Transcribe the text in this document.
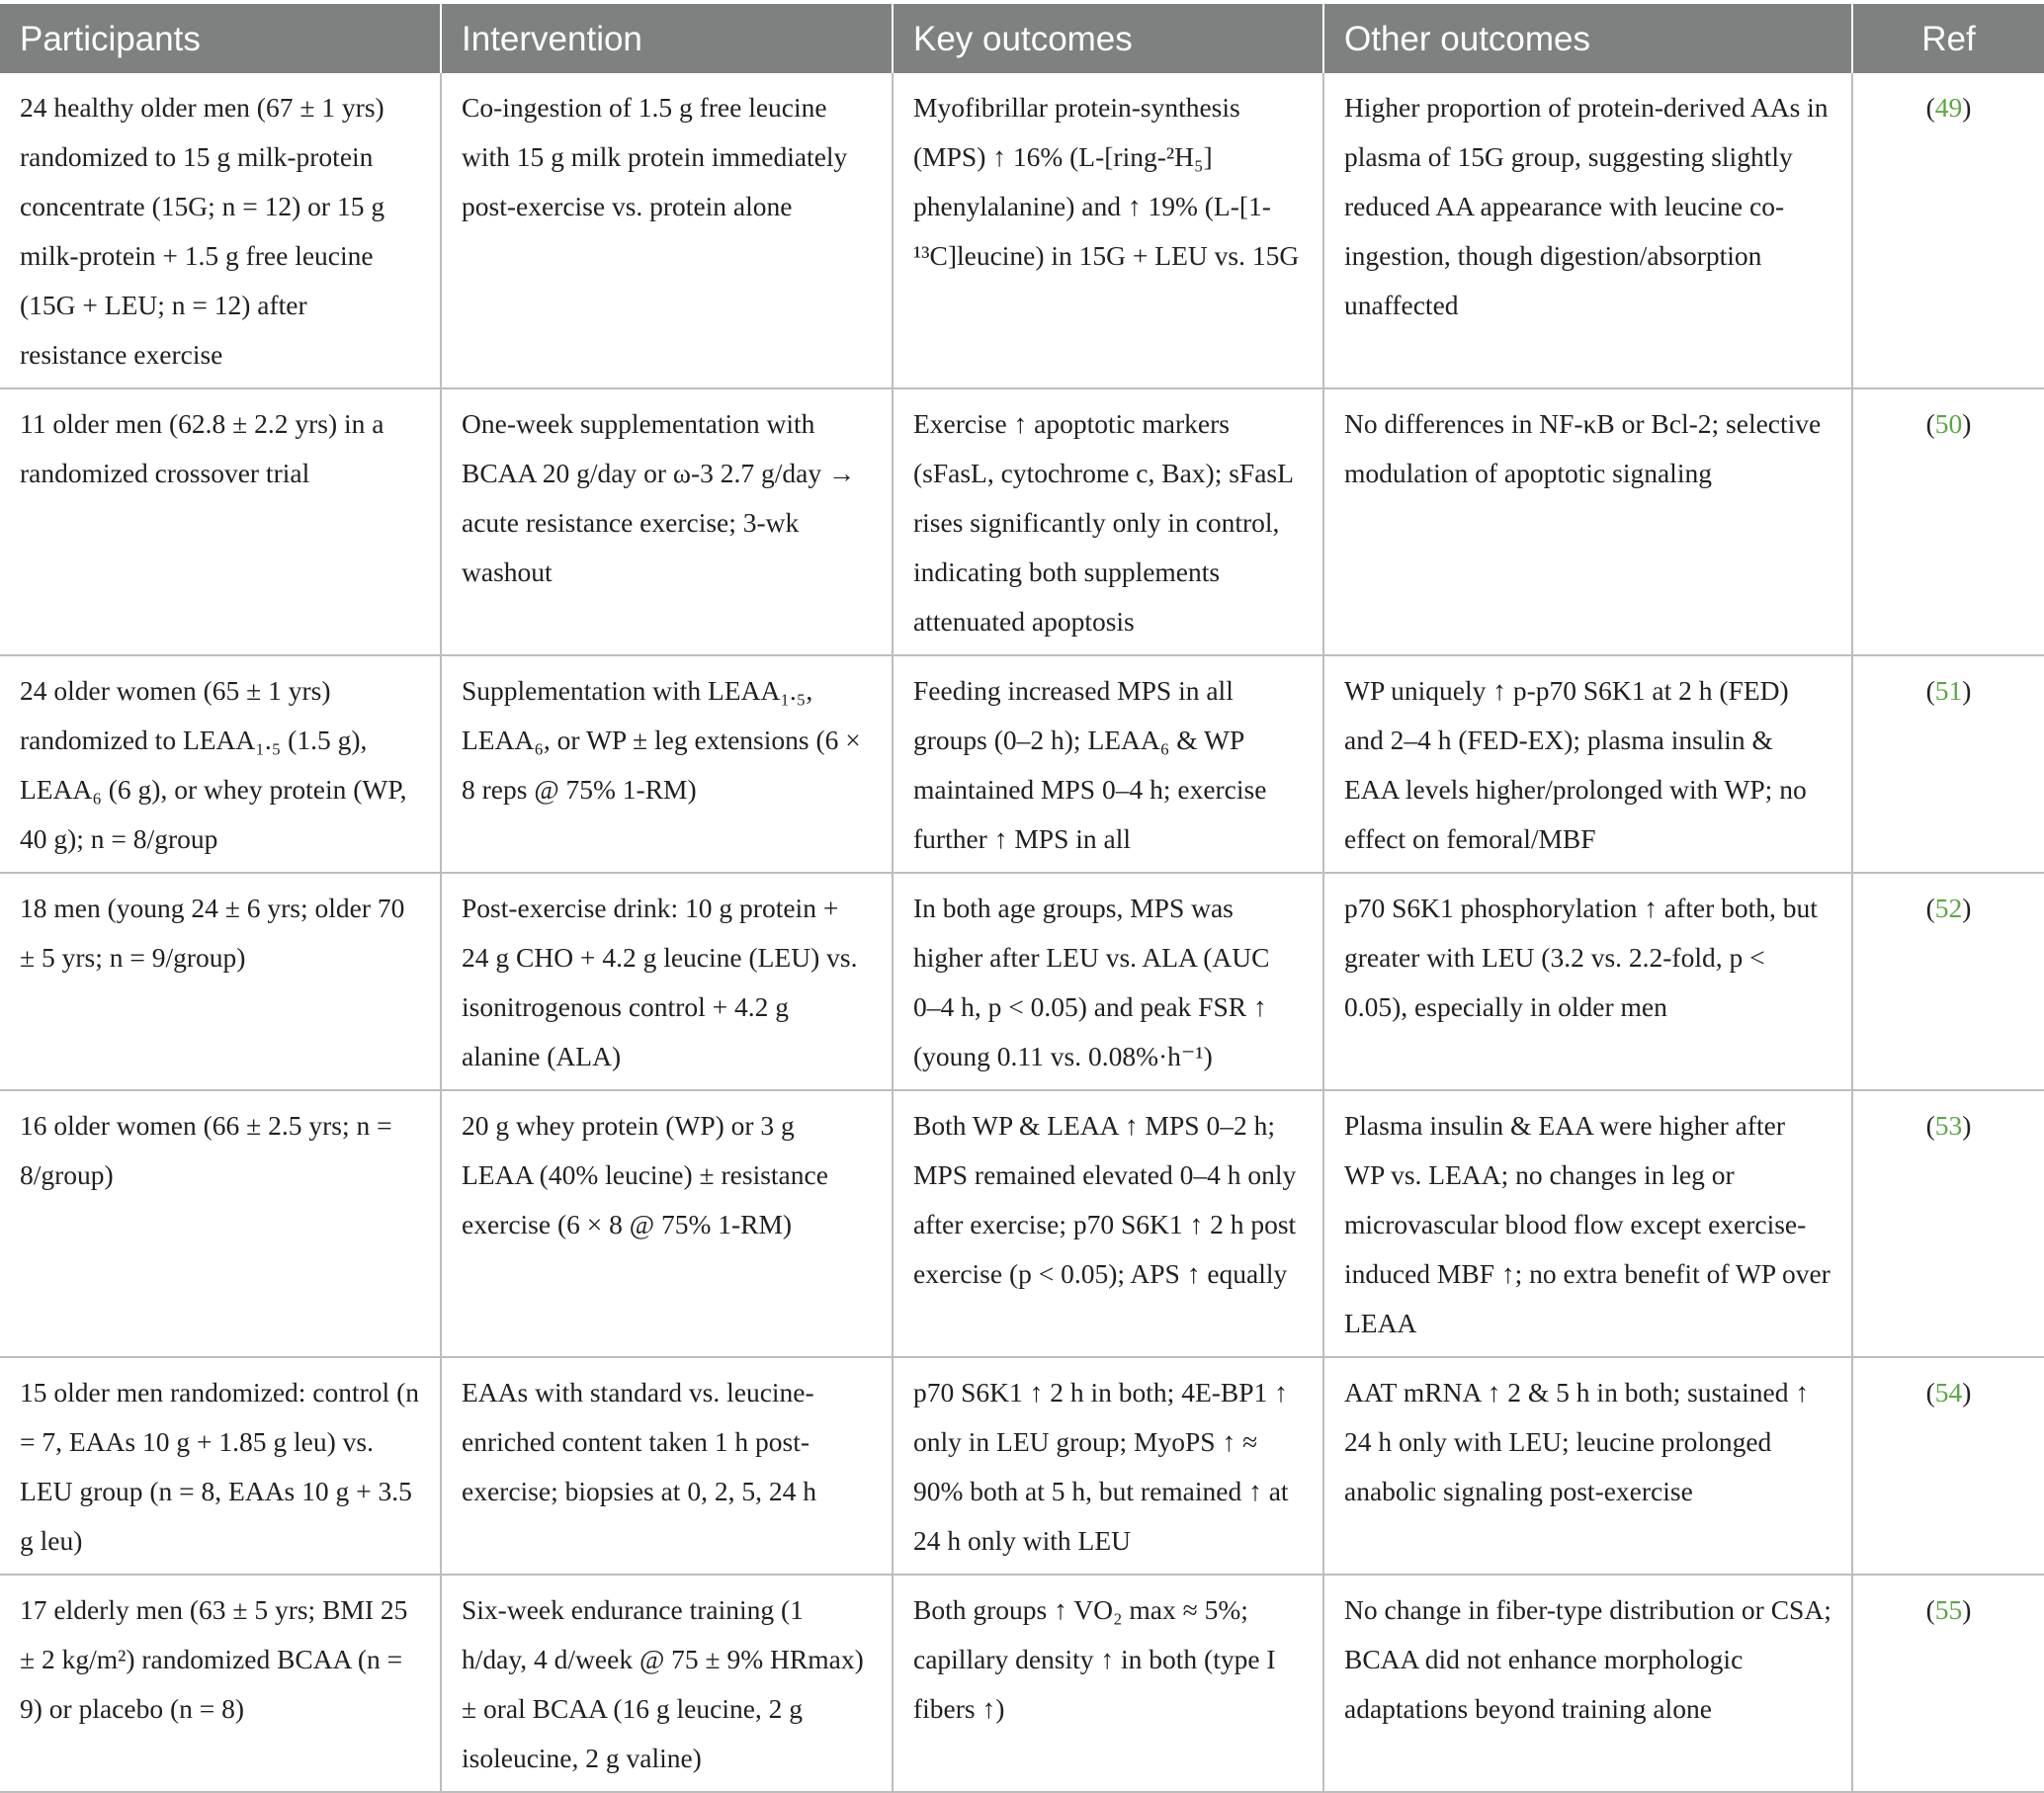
Participants	Intervention	Key outcomes	Other outcomes	Ref
24 healthy older men (67 ± 1 yrs) randomized to 15 g milk-protein concentrate (15G; n = 12) or 15 g milk-protein + 1.5 g free leucine (15G + LEU; n = 12) after resistance exercise	Co-ingestion of 1.5 g free leucine with 15 g milk protein immediately post-exercise vs. protein alone	Myofibrillar protein-synthesis (MPS) ↑ 16% (L-[ring-²H₅] phenylalanine) and ↑ 19% (L-[1-¹³C]leucine) in 15G + LEU vs. 15G	Higher proportion of protein-derived AAs in plasma of 15G group, suggesting slightly reduced AA appearance with leucine co-ingestion, though digestion/absorption unaffected	(49)
11 older men (62.8 ± 2.2 yrs) in a randomized crossover trial	One-week supplementation with BCAA 20 g/day or ω-3 2.7 g/day → acute resistance exercise; 3-wk washout	Exercise ↑ apoptotic markers (sFasL, cytochrome c, Bax); sFasL rises significantly only in control, indicating both supplements attenuated apoptosis	No differences in NF-κB or Bcl-2; selective modulation of apoptotic signaling	(50)
24 older women (65 ± 1 yrs) randomized to LEAA₁.₅ (1.5 g), LEAA₆ (6 g), or whey protein (WP, 40 g); n = 8/group	Supplementation with LEAA₁.₅, LEAA₆, or WP ± leg extensions (6 × 8 reps @ 75% 1-RM)	Feeding increased MPS in all groups (0–2 h); LEAA₆ & WP maintained MPS 0–4 h; exercise further ↑ MPS in all	WP uniquely ↑ p-p70 S6K1 at 2 h (FED) and 2–4 h (FED-EX); plasma insulin & EAA levels higher/prolonged with WP; no effect on femoral/MBF	(51)
18 men (young 24 ± 6 yrs; older 70 ± 5 yrs; n = 9/group)	Post-exercise drink: 10 g protein + 24 g CHO + 4.2 g leucine (LEU) vs. isonitrogenous control + 4.2 g alanine (ALA)	In both age groups, MPS was higher after LEU vs. ALA (AUC 0–4 h, p < 0.05) and peak FSR ↑ (young 0.11 vs. 0.08%·h⁻¹)	p70 S6K1 phosphorylation ↑ after both, but greater with LEU (3.2 vs. 2.2-fold, p < 0.05), especially in older men	(52)
16 older women (66 ± 2.5 yrs; n = 8/group)	20 g whey protein (WP) or 3 g LEAA (40% leucine) ± resistance exercise (6 × 8 @ 75% 1-RM)	Both WP & LEAA ↑ MPS 0–2 h; MPS remained elevated 0–4 h only after exercise; p70 S6K1 ↑ 2 h post exercise (p < 0.05); APS ↑ equally	Plasma insulin & EAA were higher after WP vs. LEAA; no changes in leg or microvascular blood flow except exercise-induced MBF ↑; no extra benefit of WP over LEAA	(53)
15 older men randomized: control (n = 7, EAAs 10 g + 1.85 g leu) vs. LEU group (n = 8, EAAs 10 g + 3.5 g leu)	EAAs with standard vs. leucine-enriched content taken 1 h post-exercise; biopsies at 0, 2, 5, 24 h	p70 S6K1 ↑ 2 h in both; 4E-BP1 ↑ only in LEU group; MyoPS ↑ ≈ 90% both at 5 h, but remained ↑ at 24 h only with LEU	AAT mRNA ↑ 2 & 5 h in both; sustained ↑ 24 h only with LEU; leucine prolonged anabolic signaling post-exercise	(54)
17 elderly men (63 ± 5 yrs; BMI 25 ± 2 kg/m²) randomized BCAA (n = 9) or placebo (n = 8)	Six-week endurance training (1 h/day, 4 d/week @ 75 ± 9% HRmax) ± oral BCAA (16 g leucine, 2 g isoleucine, 2 g valine)	Both groups ↑ VO₂ max ≈ 5%; capillary density ↑ in both (type I fibers ↑)	No change in fiber-type distribution or CSA; BCAA did not enhance morphologic adaptations beyond training alone	(55)
